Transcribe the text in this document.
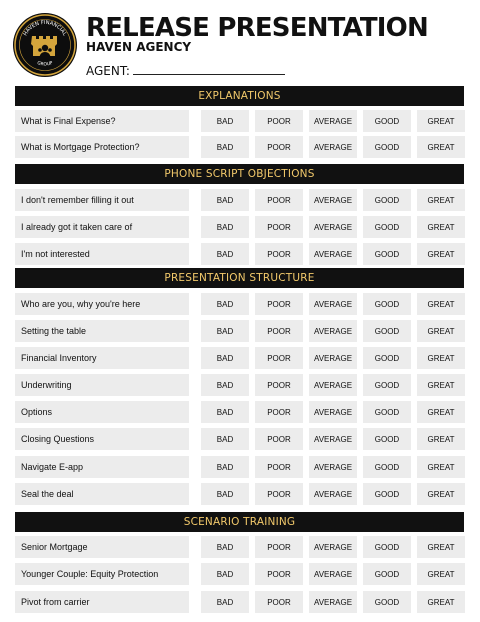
HAVEN FINANCIAL
GROUP
RELEASE PRESENTATION
HAVEN AGENCY
AGENT:
EXPLANATIONS
What is Final Expense?	BAD	POOR	AVERAGE	GOOD	GREAT
What is Mortgage Protection?	BAD	POOR	AVERAGE	GOOD	GREAT
PHONE SCRIPT OBJECTIONS
I don't remember filling it out	BAD	POOR	AVERAGE	GOOD	GREAT
I already got it taken care of	BAD	POOR	AVERAGE	GOOD	GREAT
I'm not interested	BAD	POOR	AVERAGE	GOOD	GREAT
PRESENTATION STRUCTURE
Who are you, why you're here	BAD	POOR	AVERAGE	GOOD	GREAT
Setting the table	BAD	POOR	AVERAGE	GOOD	GREAT
Financial Inventory	BAD	POOR	AVERAGE	GOOD	GREAT
Underwriting	BAD	POOR	AVERAGE	GOOD	GREAT
Options	BAD	POOR	AVERAGE	GOOD	GREAT
Closing Questions	BAD	POOR	AVERAGE	GOOD	GREAT
Navigate E-app	BAD	POOR	AVERAGE	GOOD	GREAT
Seal the deal	BAD	POOR	AVERAGE	GOOD	GREAT
SCENARIO TRAINING
Senior Mortgage	BAD	POOR	AVERAGE	GOOD	GREAT
Younger Couple: Equity Protection	BAD	POOR	AVERAGE	GOOD	GREAT
Pivot from carrier	BAD	POOR	AVERAGE	GOOD	GREAT
